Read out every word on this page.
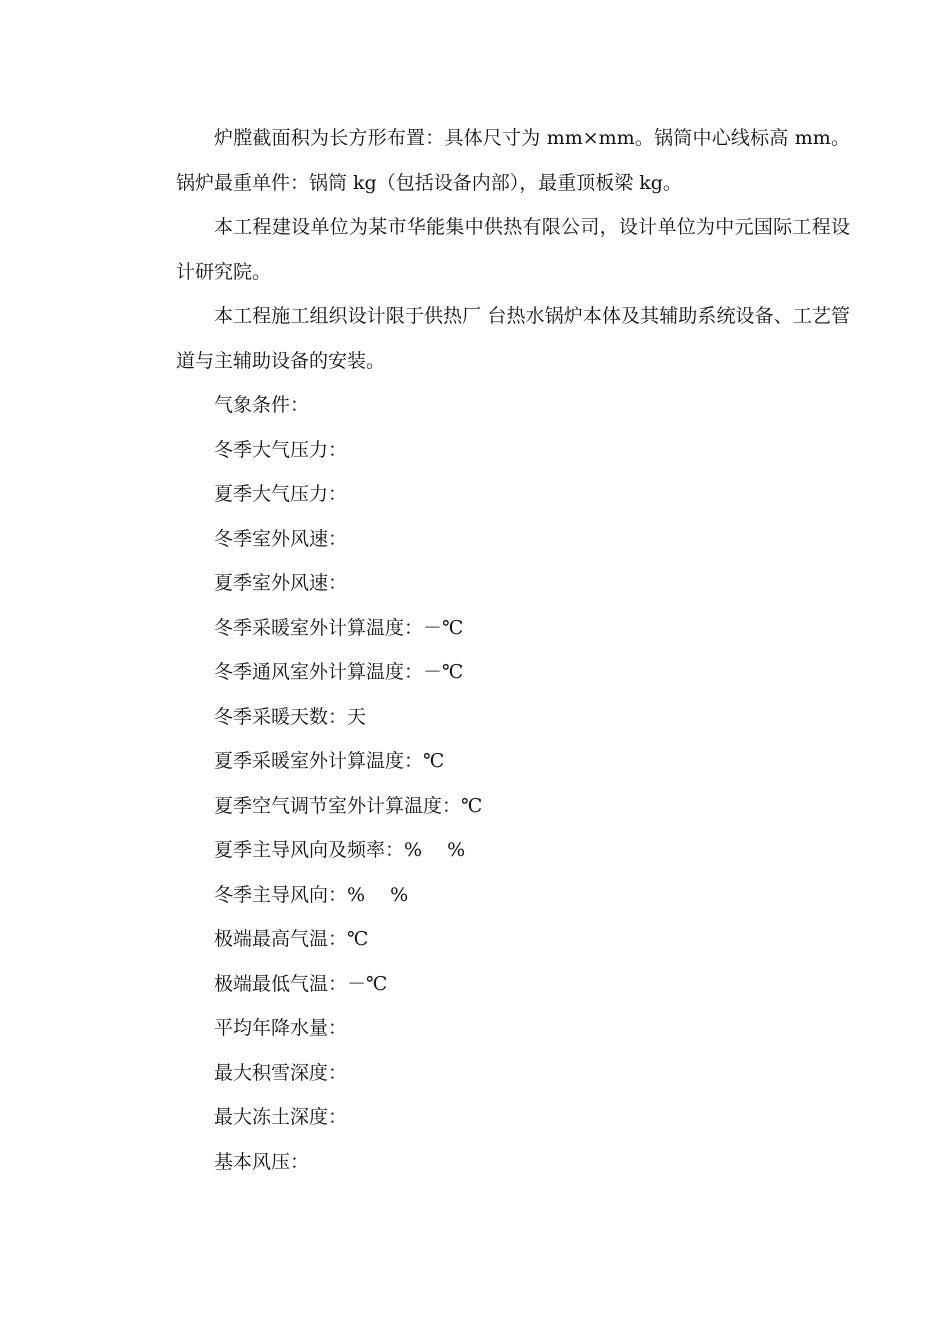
炉膛截面积为长方形布置：具体尺寸为 mm×mm。锅筒中心线标高 mm。锅炉最重单件：锅筒 kg（包括设备内部），最重顶板梁 kg。

本工程建设单位为某市华能集中供热有限公司，设计单位为中元国际工程设计研究院。

本工程施工组织设计限于供热厂 台热水锅炉本体及其辅助系统设备、工艺管道与主辅助设备的安装。

气象条件：
冬季大气压力：
夏季大气压力：
冬季室外风速：
夏季室外风速：
冬季采暖室外计算温度：－℃
冬季通风室外计算温度：－℃
冬季采暖天数：天
夏季采暖室外计算温度：℃
夏季空气调节室外计算温度：℃
夏季主导风向及频率：%　 %
冬季主导风向：%　 %
极端最高气温：℃
极端最低气温：－℃
平均年降水量：
最大积雪深度：
最大冻土深度：
基本风压：
